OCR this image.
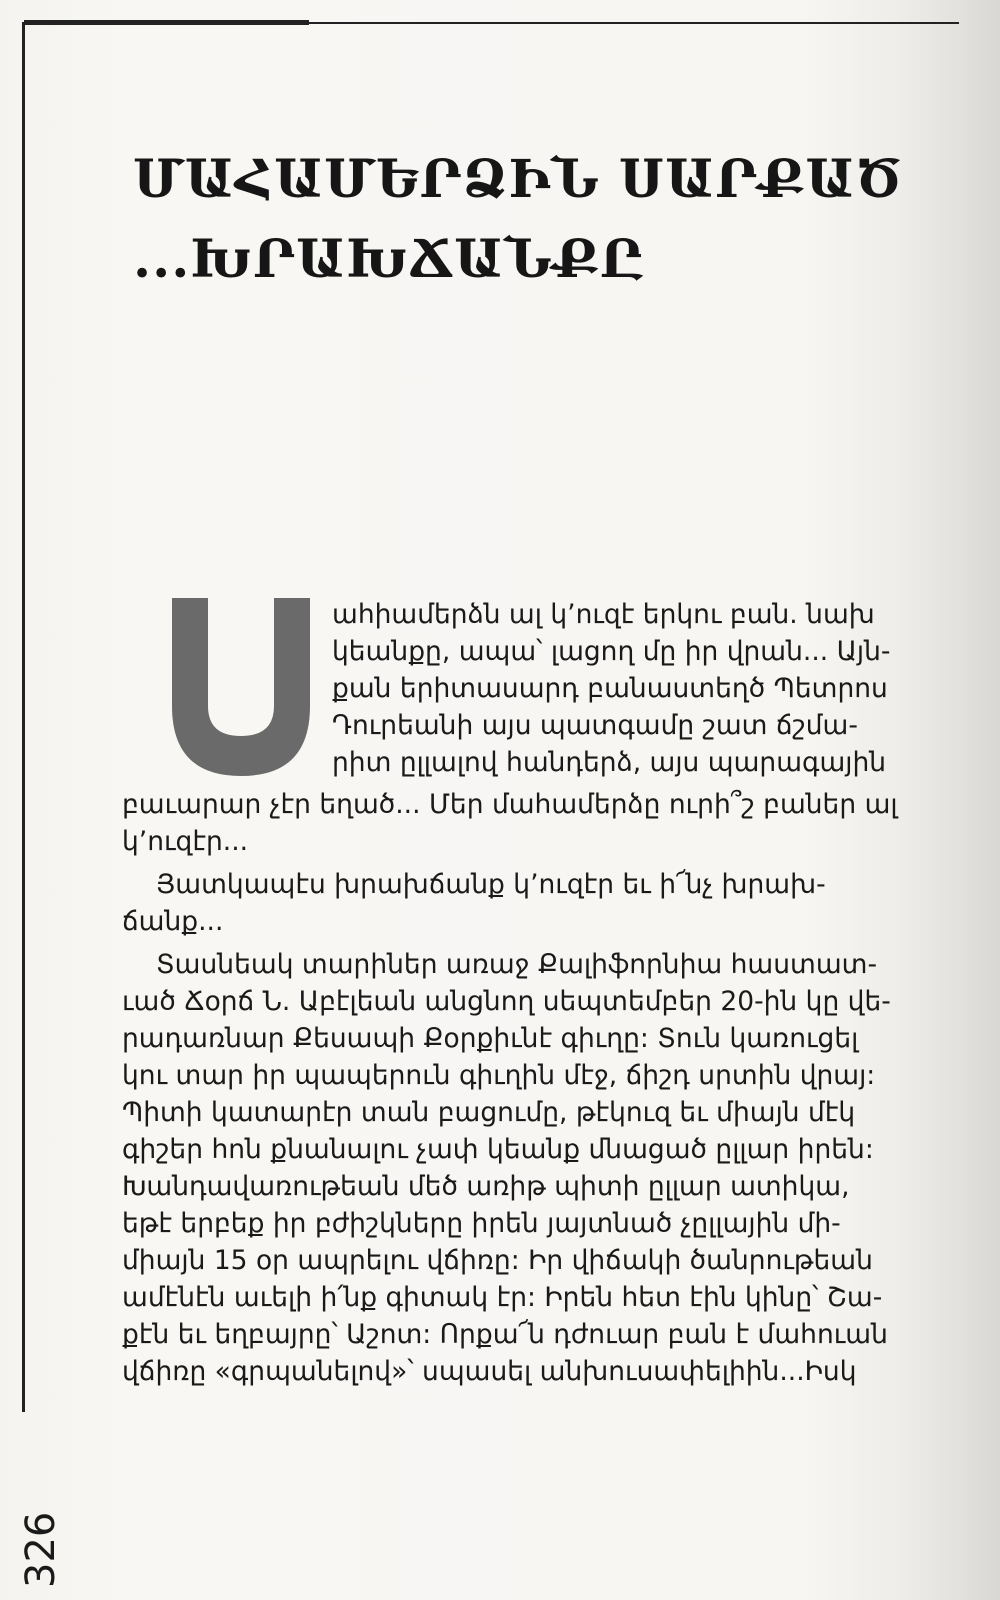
ՄԱՀԱՄԵՐՁԻՆ ՍԱՐՔԱԾ
...ԽՐԱԽՃԱՆՔԸ

ահիամերձն ալ կ’ուզէ երկու բան. նախ
կեանքը, ապա՝ լացող մը իր վրան... Այն-
քան երիտասարդ բանաստեղծ Պետրոս
Դուրեանի այս պատգամը շատ ճշմա-
րիտ ըլլալով հանդերձ, այս պարագային
բաւարար չէր եղած... Մեր մահամերձը ուրի՞շ բաներ ալ
կ’ուզէր...

Յատկապէս խրախճանք կ’ուզէր եւ ի՜նչ խրախ-
ճանք...

Տասնեակ տարիներ առաջ Քալիֆորնիա հաստատ-
ւած Ճօրճ Ն. Աբէլեան անցնող սեպտեմբեր 20-ին կը վե-
րադառնար Քեսապի Քօրքիւնէ գիւղը: Տուն կառուցել
կու տար իր պապերուն գիւղին մէջ, ճիշդ սրտին վրայ:
Պիտի կատարէր տան բացումը, թէկուզ եւ միայն մէկ
գիշեր հոն քնանալու չափ կեանք մնացած ըլլար իրեն:
Խանդավառութեան մեծ առիթ պիտի ըլլար ատիկա,
եթէ երբեք իր բժիշկները իրեն յայտնած չըլլային մի-
միայն 15 օր ապրելու վճիռը: Իր վիճակի ծանրութեան
ամէնէն աւելի ի՛նք գիտակ էր: Իրեն հետ էին կինը՝ Շա-
քէն եւ եղբայրը՝ Աշոտ: Որքա՜ն դժուար բան է մահուան
վճիռը «գրպանելով»՝ սպասել անխուսափելիին...Իսկ

326
